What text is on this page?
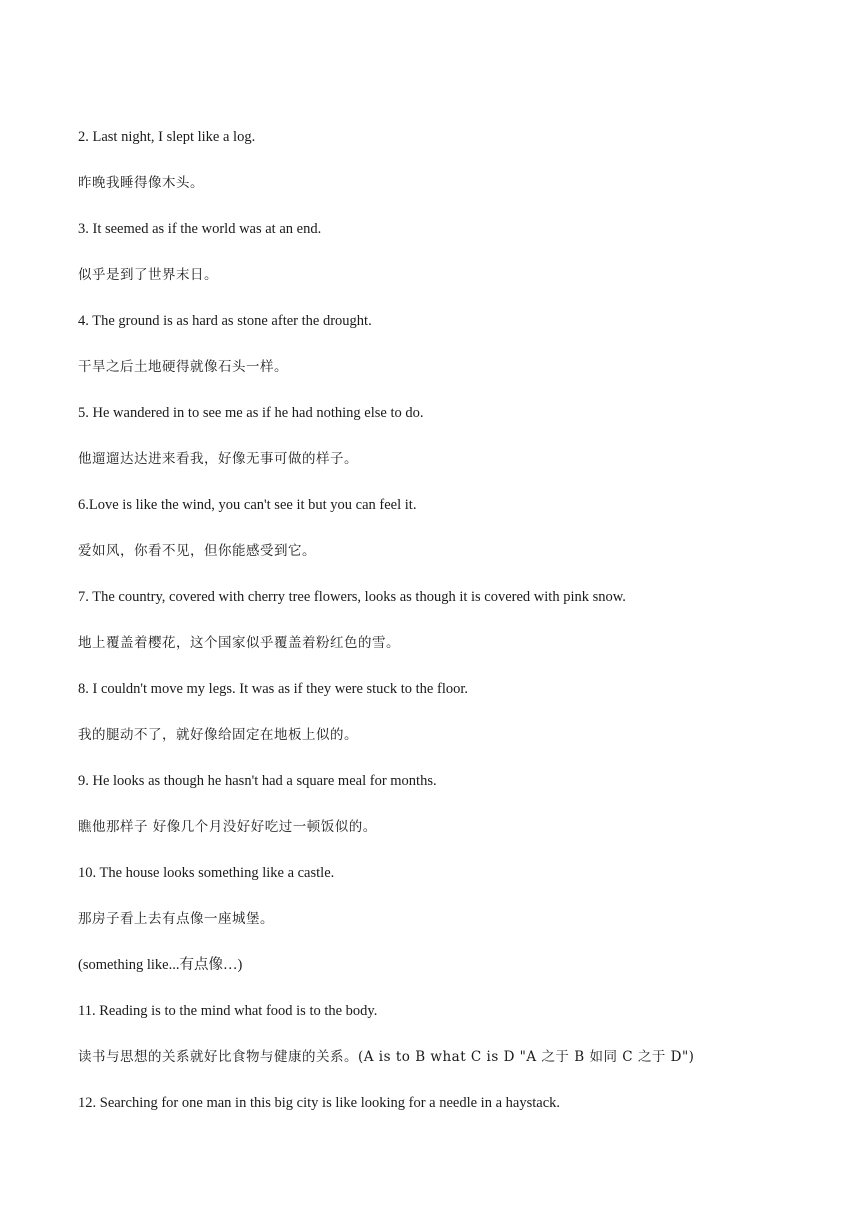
2. Last night, I slept like a log.
昨晚我睡得像木头。
3. It seemed as if the world was at an end.
似乎是到了世界末日。
4. The ground is as hard as stone after the drought.
干旱之后土地硬得就像石头一样。
5. He wandered in to see me as if he had nothing else to do.
他遛遛达达进来看我，好像无事可做的样子。
6.Love is like the wind, you can't see it but you can feel it.
爱如风，你看不见，但你能感受到它。
7. The country, covered with cherry tree flowers, looks as though it is covered with pink snow.
地上覆盖着樱花，这个国家似乎覆盖着粉红色的雪。
8. I couldn't move my legs. It was as if they were stuck to the floor.
我的腿动不了，就好像给固定在地板上似的。
9. He looks as though he hasn't had a square meal for months.
瞧他那样子 好像几个月没好好吃过一顿饭似的。
10. The house looks something like a castle.
那房子看上去有点像一座城堡。
(something like...有点像…)
11. Reading is to the mind what food is to the body.
读书与思想的关系就好比食物与健康的关系。(A is to B what C is D "A 之于 B 如同 C 之于 D")
12. Searching for one man in this big city is like looking for a needle in a haystack.
